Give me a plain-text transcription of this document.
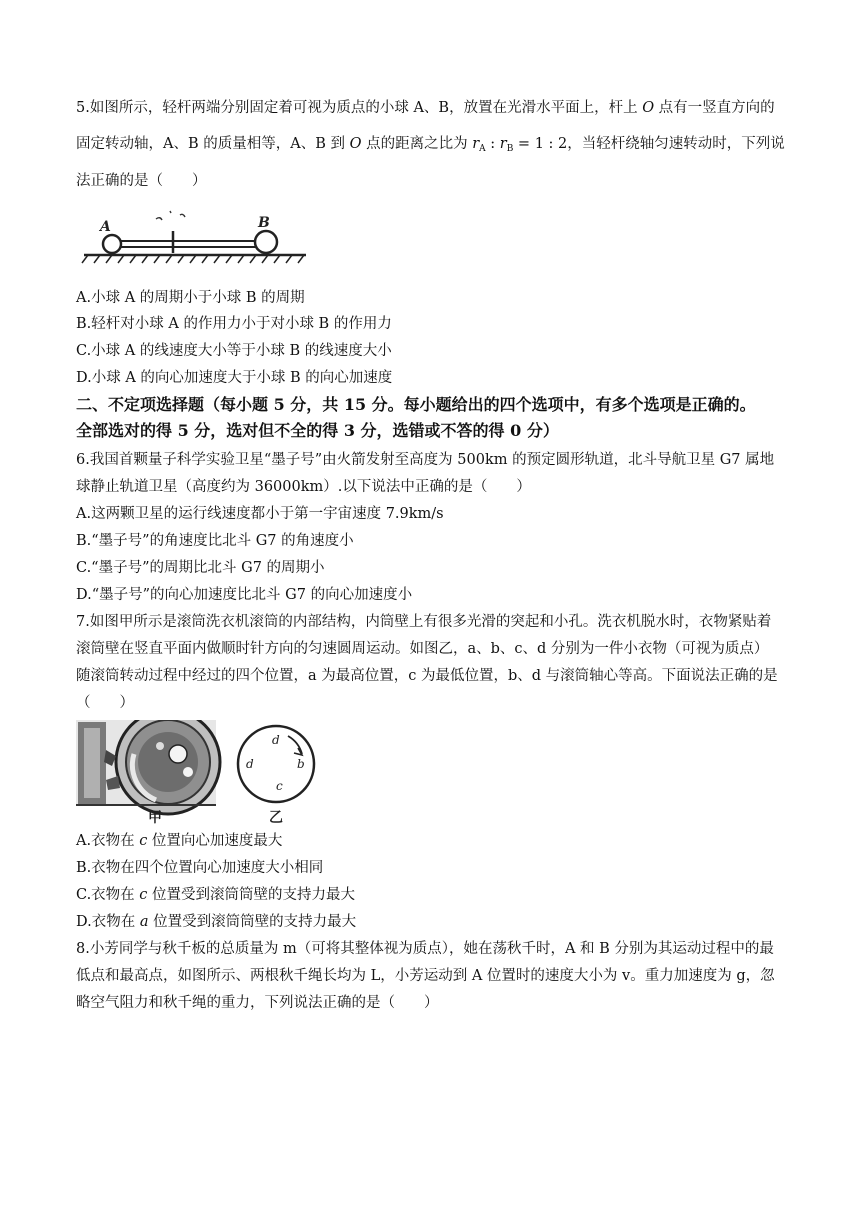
5.如图所示，轻杆两端分别固定着可视为质点的小球 A、B，放置在光滑水平面上，杆上 O 点有一竖直方向的
固定转动轴，A、B 的质量相等，A、B 到 O 点的距离之比为 $r_A$ : $r_B = 1$ : 2，当轻杆绕轴匀速转动时，下列说
法正确的是（　　）
A	B
A.小球 A 的周期小于小球 B 的周期
B.轻杆对小球 A 的作用力小于对小球 B 的作用力
C.小球 A 的线速度大小等于小球 B 的线速度大小
D.小球 A 的向心加速度大于小球 B 的向心加速度
二、不定项选择题（每小题 5 分，共 15 分。每小题给出的四个选项中，有多个选项是正确的。
全部选对的得 5 分，选对但不全的得 3 分，选错或不答的得 0 分）
6.我国首颗量子科学实验卫星“墨子号”由火箭发射至高度为 500km 的预定圆形轨道，北斗导航卫星 G7 属地
球静止轨道卫星（高度约为 36000km）.以下说法中正确的是（　　）
A.这两颗卫星的运行线速度都小于第一宇宙速度 7.9km/s
B.“墨子号”的角速度比北斗 G7 的角速度小
C.“墨子号”的周期比北斗 G7 的周期小
D.“墨子号”的向心加速度比北斗 G7 的向心加速度小
7.如图甲所示是滚筒洗衣机滚筒的内部结构，内筒壁上有很多光滑的突起和小孔。洗衣机脱水时，衣物紧贴着
滚筒壁在竖直平面内做顺时针方向的匀速圆周运动。如图乙，a、b、c、d 分别为一件小衣物（可视为质点）
随滚筒转动过程中经过的四个位置，a 为最高位置，c 为最低位置，b、d 与滚筒轴心等高。下面说法正确的是
（　　）
甲
d
d	b
c
乙
A.衣物在 c 位置向心加速度最大
B.衣物在四个位置向心加速度大小相同
C.衣物在 c 位置受到滚筒筒壁的支持力最大
D.衣物在 a 位置受到滚筒筒壁的支持力最大
8.小芳同学与秋千板的总质量为 m（可将其整体视为质点），她在荡秋千时，A 和 B 分别为其运动过程中的最
低点和最高点，如图所示、两根秋千绳长均为 L，小芳运动到 A 位置时的速度大小为 v。重力加速度为 g，忽
略空气阻力和秋千绳的重力，下列说法正确的是（　　）
